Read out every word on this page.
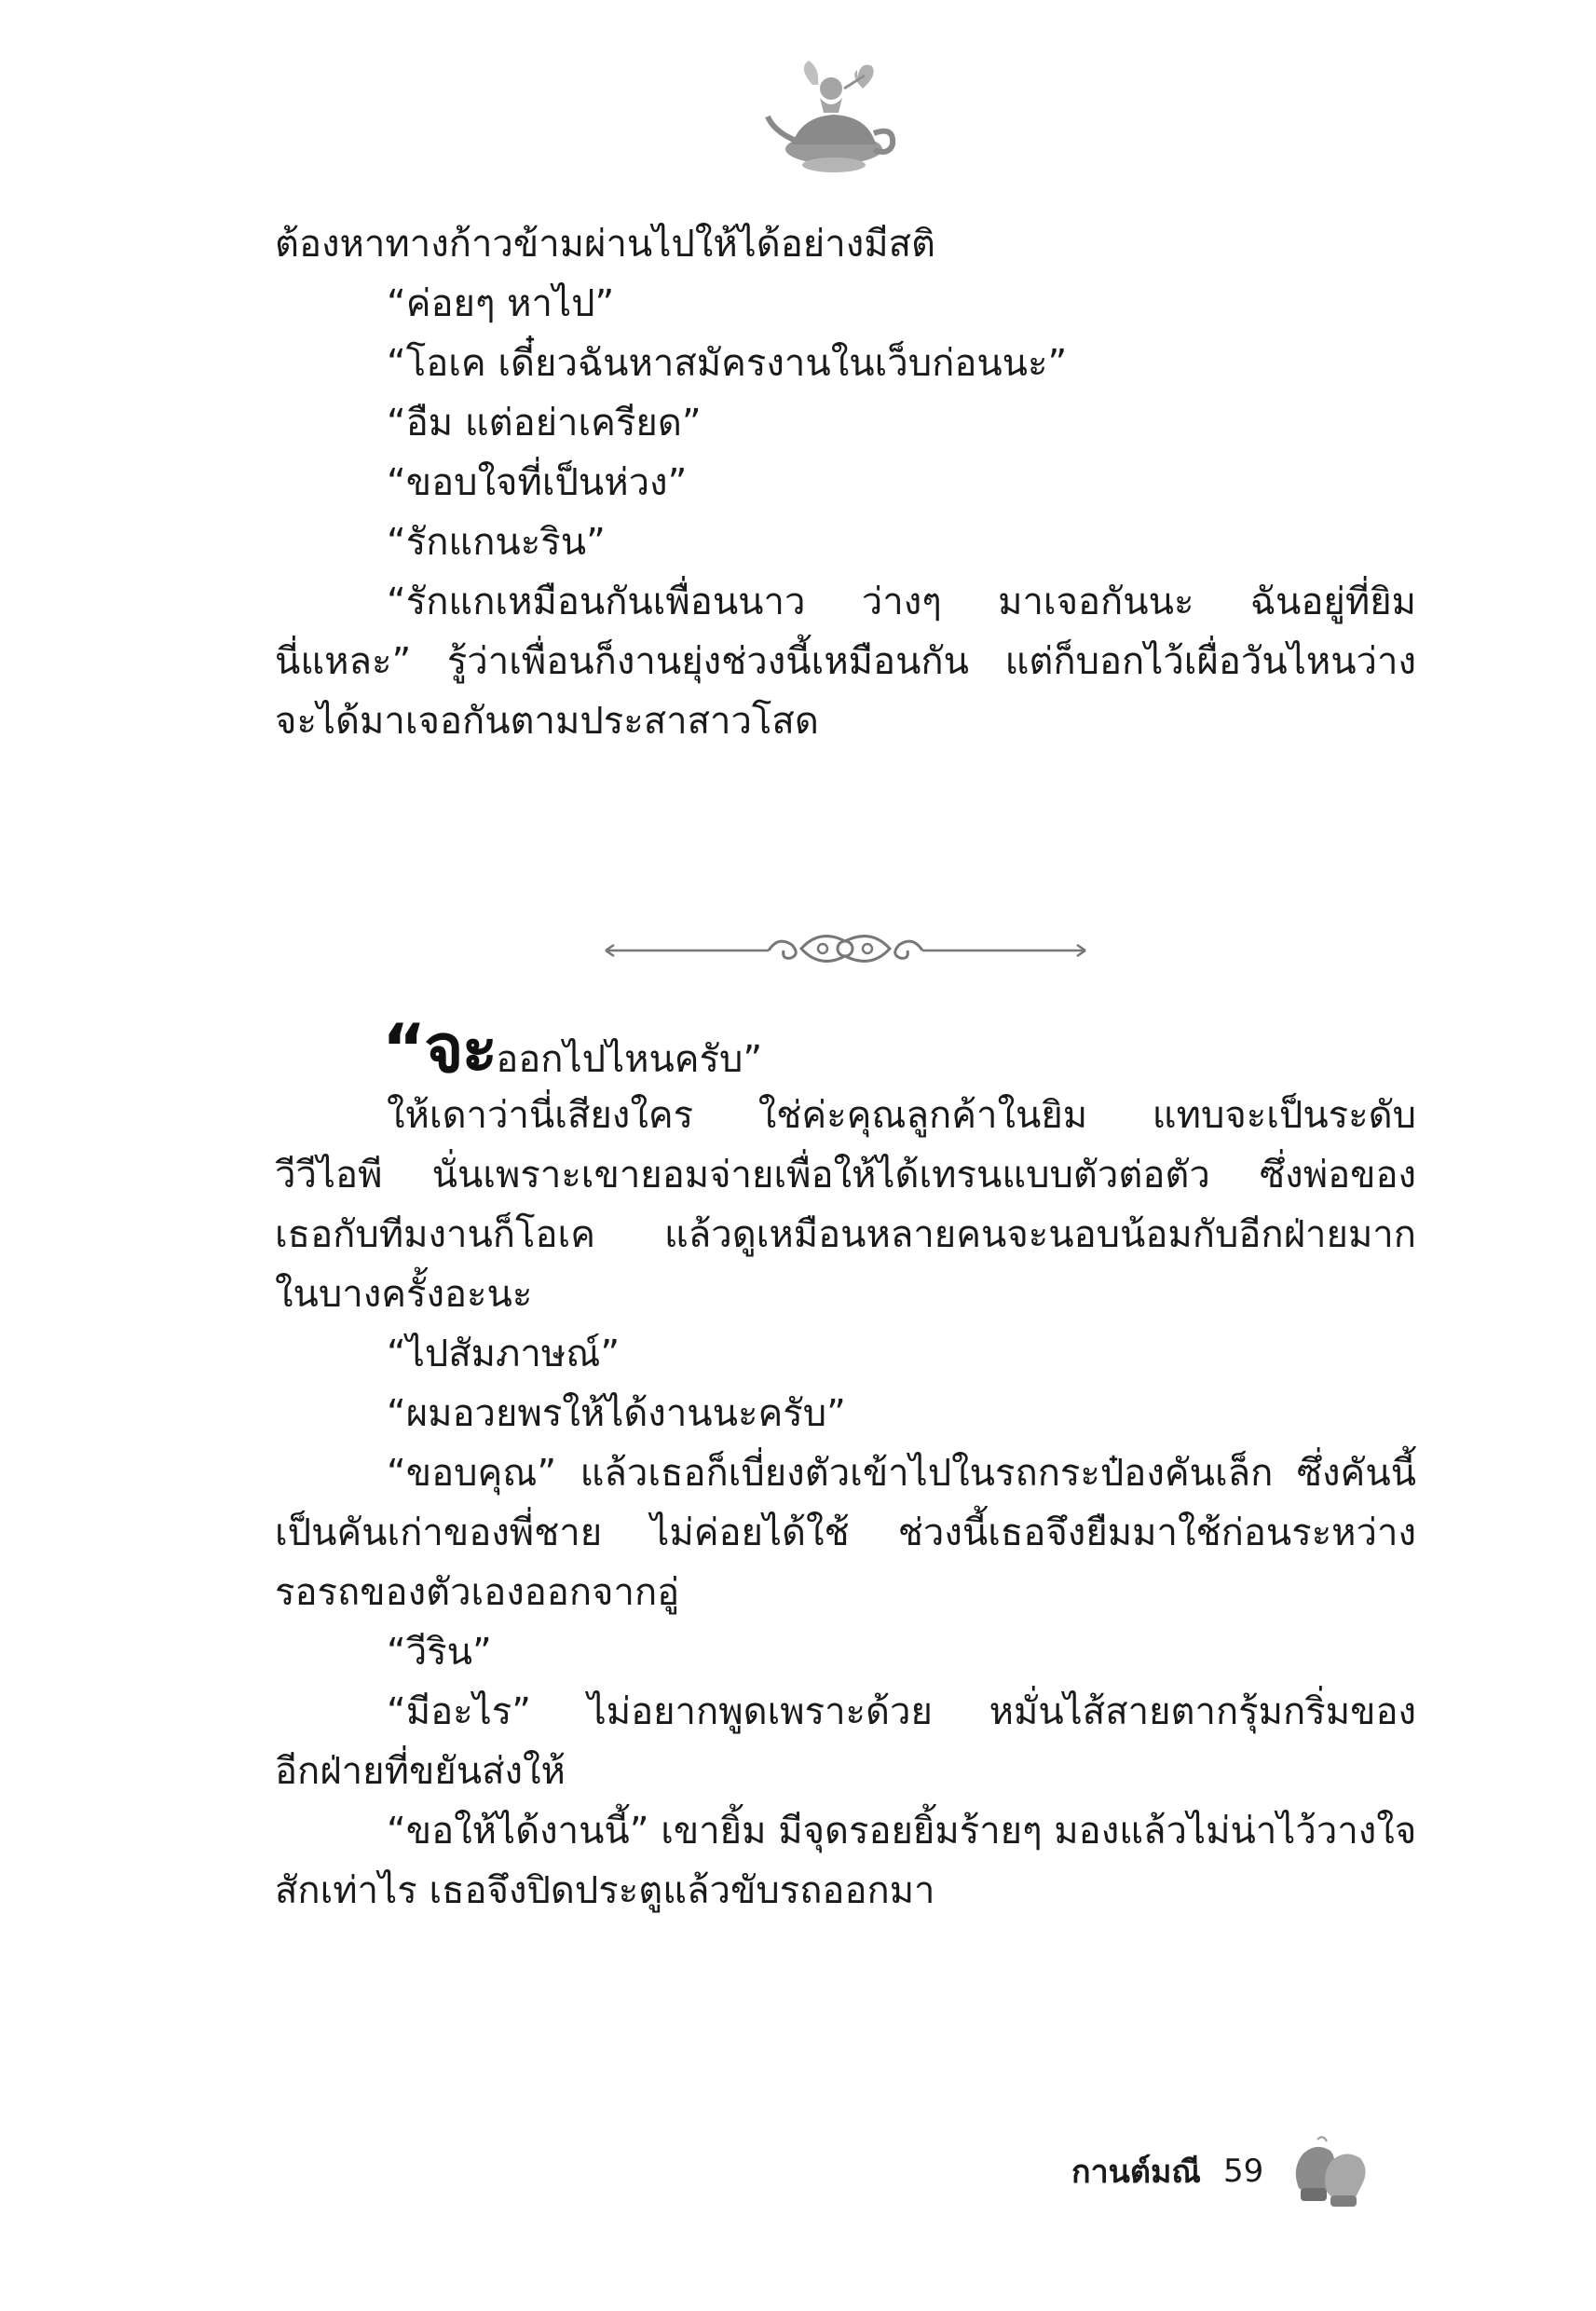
ต้องหาทางก้าวข้ามผ่านไปให้ได้อย่างมีสติ
“ค่อยๆ หาไป”
“โอเค เดี๋ยวฉันหาสมัครงานในเว็บก่อนนะ”
“อืม แต่อย่าเครียด”
“ขอบใจที่เป็นห่วง”
“รักแกนะริน”
“รักแกเหมือนกันเพื่อนนาว ว่างๆ มาเจอกันนะ ฉันอยู่ที่ยิม
นี่แหละ” รู้ว่าเพื่อนก็งานยุ่งช่วงนี้เหมือนกัน แต่ก็บอกไว้เผื่อวันไหนว่าง
จะได้มาเจอกันตามประสาสาวโสด
“จะออกไปไหนครับ”
ให้เดาว่านี่เสียงใคร ใช่ค่ะคุณลูกค้าในยิม แทบจะเป็นระดับ
วีวีไอพี นั่นเพราะเขายอมจ่ายเพื่อให้ได้เทรนแบบตัวต่อตัว ซึ่งพ่อของ
เธอกับทีมงานก็โอเค แล้วดูเหมือนหลายคนจะนอบน้อมกับอีกฝ่ายมาก
ในบางครั้งอะนะ
“ไปสัมภาษณ์”
“ผมอวยพรให้ได้งานนะครับ”
“ขอบคุณ” แล้วเธอก็เบี่ยงตัวเข้าไปในรถกระป๋องคันเล็ก ซึ่งคันนี้
เป็นคันเก่าของพี่ชาย ไม่ค่อยได้ใช้ ช่วงนี้เธอจึงยืมมาใช้ก่อนระหว่าง
รอรถของตัวเองออกจากอู่
“วีริน”
“มีอะไร” ไม่อยากพูดเพราะด้วย หมั่นไส้สายตากรุ้มกริ่มของ
อีกฝ่ายที่ขยันส่งให้
“ขอให้ได้งานนี้” เขายิ้ม มีจุดรอยยิ้มร้ายๆ มองแล้วไม่น่าไว้วางใจ
สักเท่าไร เธอจึงปิดประตูแล้วขับรถออกมา
กานต์มณี 59
